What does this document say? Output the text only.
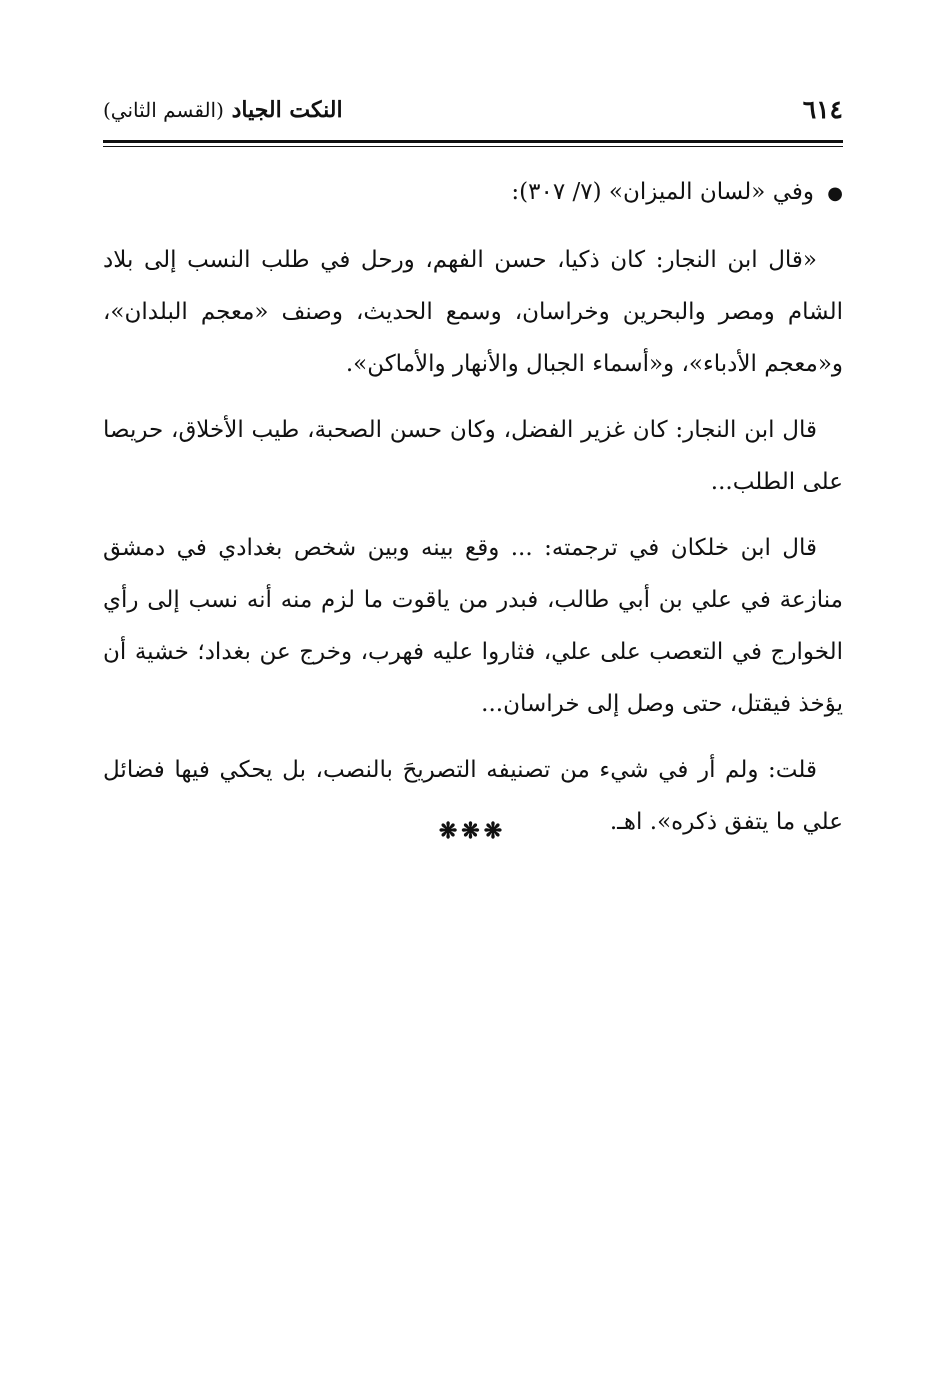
٦١٤
النكت الجياد (القسم الثاني)

● وفي «لسان الميزان» (٧/ ٣٠٧):

«قال ابن النجار: كان ذكيا، حسن الفهم، ورحل في طلب النسب إلى بلاد الشام ومصر والبحرين وخراسان، وسمع الحديث، وصنف «معجم البلدان»، و«معجم الأدباء»، و«أسماء الجبال والأنهار والأماكن».

قال ابن النجار: كان غزير الفضل، وكان حسن الصحبة، طيب الأخلاق، حريصا على الطلب...

قال ابن خلكان في ترجمته: ... وقع بينه وبين شخص بغدادي في دمشق منازعة في علي بن أبي طالب، فبدر من ياقوت ما لزم منه أنه نسب إلى رأي الخوارج في التعصب على علي، فثاروا عليه فهرب، وخرج عن بغداد؛ خشية أن يؤخذ فيقتل، حتى وصل إلى خراسان...

قلت: ولم أر في شيء من تصنيفه التصريحَ بالنصب، بل يحكي فيها فضائل علي ما يتفق ذكره». اهـ.

❋❋❋
